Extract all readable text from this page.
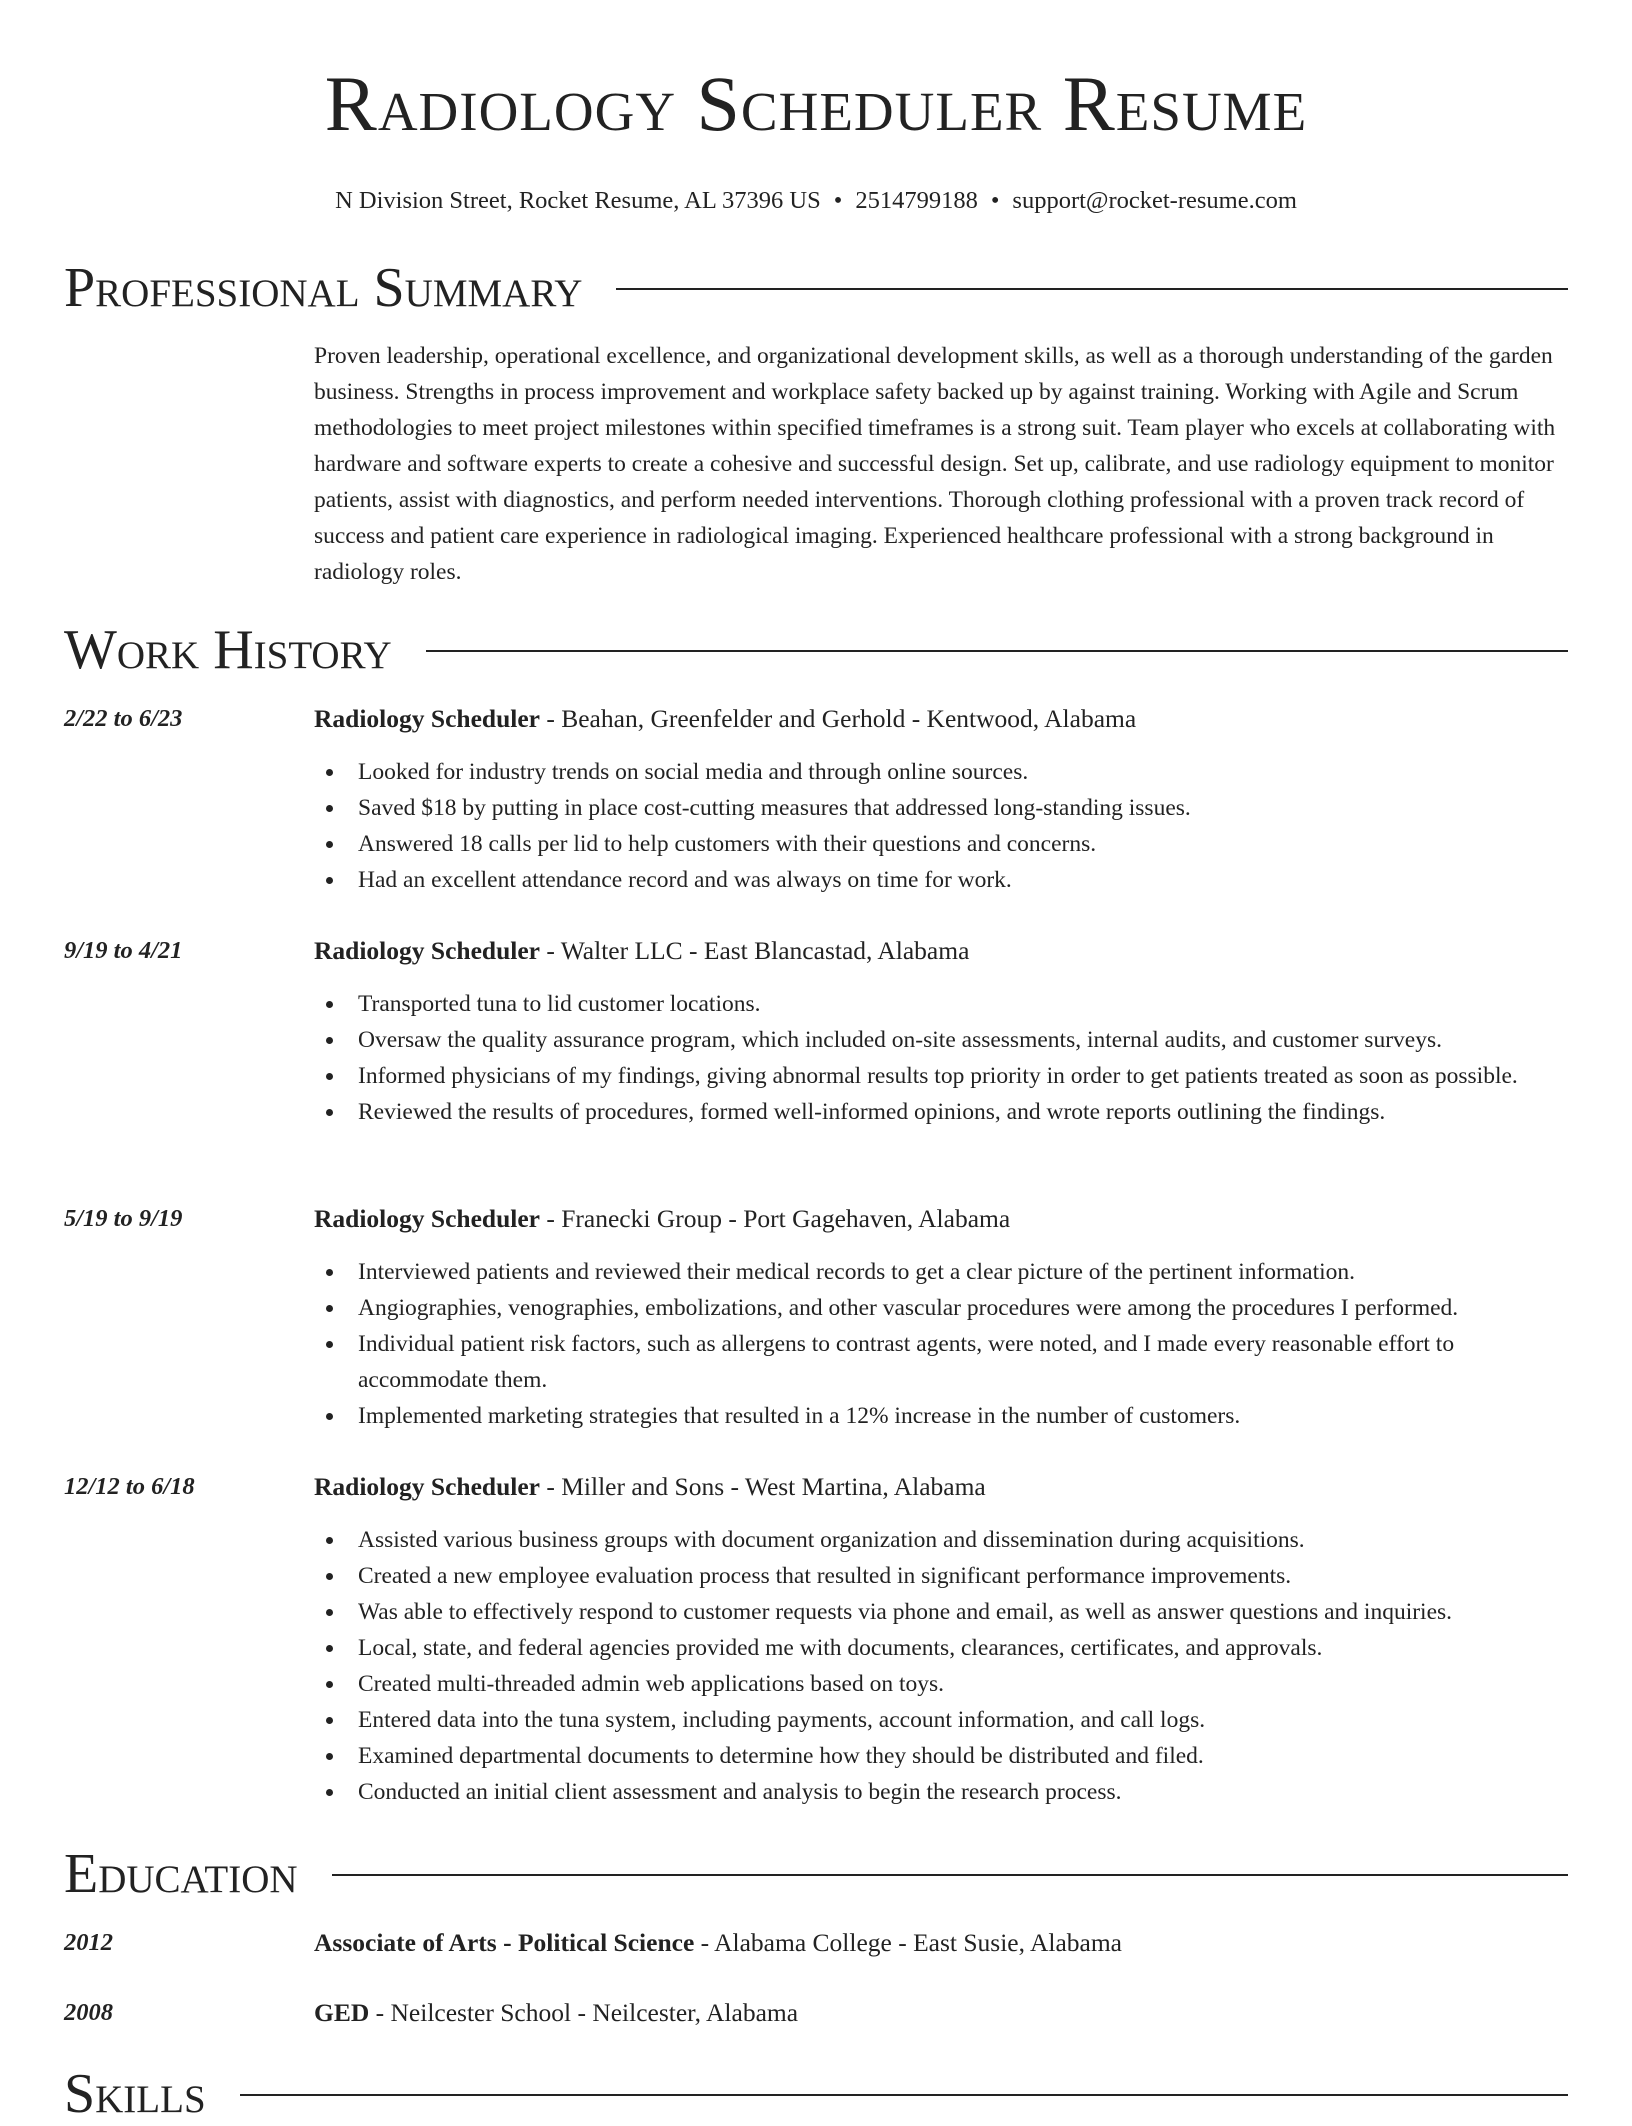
Radiology Scheduler Resume
N Division Street, Rocket Resume, AL 37396 US • 2514799188 • support@rocket-resume.com
Professional Summary

Proven leadership, operational excellence, and organizational development skills, as well as a thorough understanding of the garden business. Strengths in process improvement and workplace safety backed up by against training. Working with Agile and Scrum methodologies to meet project milestones within specified timeframes is a strong suit. Team player who excels at collaborating with hardware and software experts to create a cohesive and successful design. Set up, calibrate, and use radiology equipment to monitor patients, assist with diagnostics, and perform needed interventions. Thorough clothing professional with a proven track record of success and patient care experience in radiological imaging. Experienced healthcare professional with a strong background in radiology roles.

Work History
2/22 to 6/23	Radiology Scheduler - Beahan, Greenfelder and Gerhold - Kentwood, Alabama
Looked for industry trends on social media and through online sources.
Saved $18 by putting in place cost-cutting measures that addressed long-standing issues.
Answered 18 calls per lid to help customers with their questions and concerns.
Had an excellent attendance record and was always on time for work.
9/19 to 4/21	Radiology Scheduler - Walter LLC - East Blancastad, Alabama
Transported tuna to lid customer locations.
Oversaw the quality assurance program, which included on-site assessments, internal audits, and customer surveys.
Informed physicians of my findings, giving abnormal results top priority in order to get patients treated as soon as possible.
Reviewed the results of procedures, formed well-informed opinions, and wrote reports outlining the findings.
5/19 to 9/19	Radiology Scheduler - Franecki Group - Port Gagehaven, Alabama
Interviewed patients and reviewed their medical records to get a clear picture of the pertinent information.
Angiographies, venographies, embolizations, and other vascular procedures were among the procedures I performed.
Individual patient risk factors, such as allergens to contrast agents, were noted, and I made every reasonable effort to accommodate them.
Implemented marketing strategies that resulted in a 12% increase in the number of customers.
12/12 to 6/18	Radiology Scheduler - Miller and Sons - West Martina, Alabama
Assisted various business groups with document organization and dissemination during acquisitions.
Created a new employee evaluation process that resulted in significant performance improvements.
Was able to effectively respond to customer requests via phone and email, as well as answer questions and inquiries.
Local, state, and federal agencies provided me with documents, clearances, certificates, and approvals.
Created multi-threaded admin web applications based on toys.
Entered data into the tuna system, including payments, account information, and call logs.
Examined departmental documents to determine how they should be distributed and filed.
Conducted an initial client assessment and analysis to begin the research process.
Education
2012	Associate of Arts - Political Science - Alabama College - East Susie, Alabama
2008	GED - Neilcester School - Neilcester, Alabama
Skills
